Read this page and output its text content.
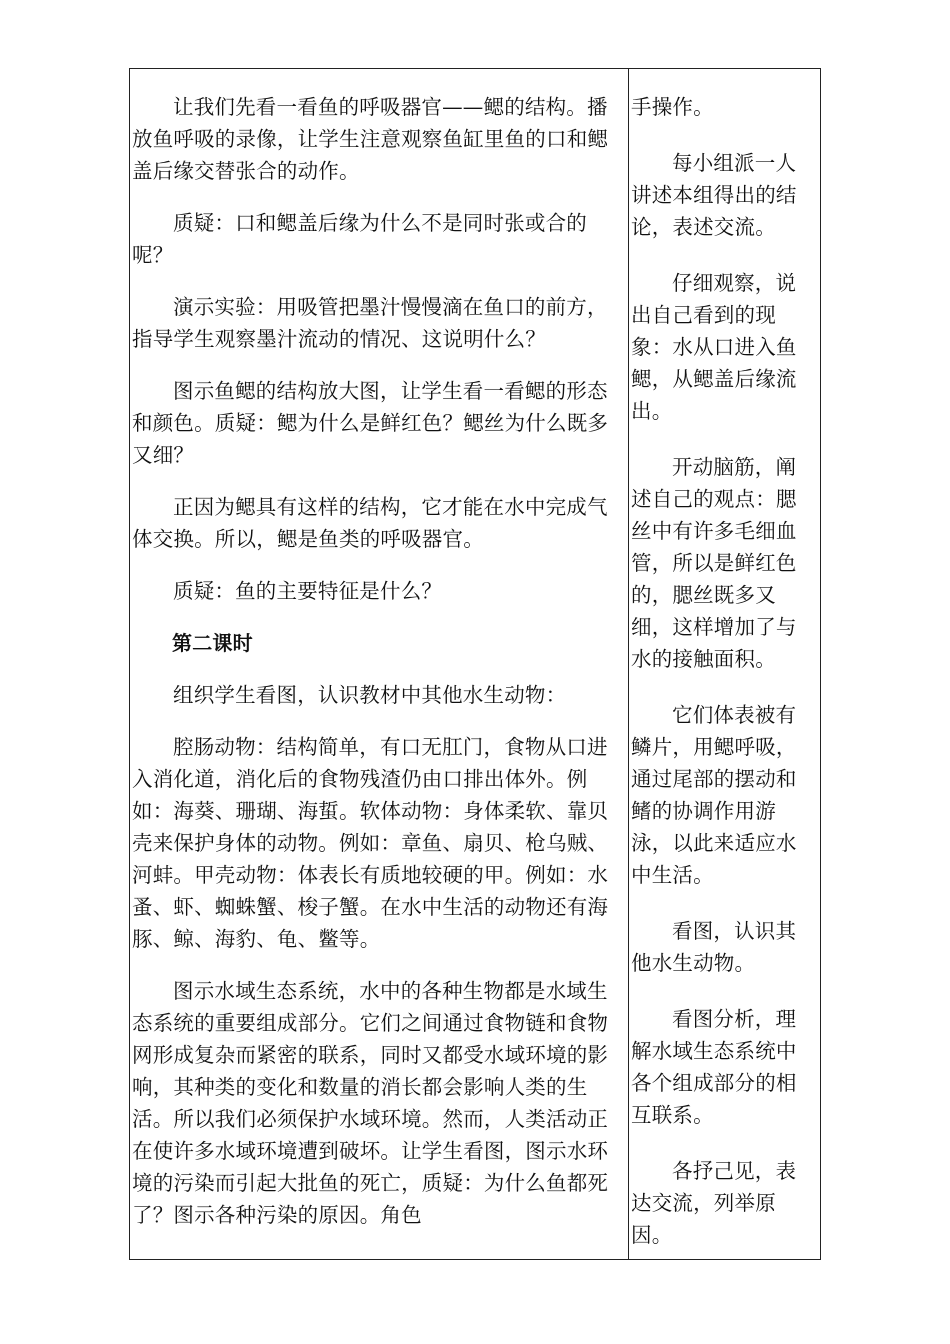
让我们先看一看鱼的呼吸器官——鳃的结构。播放鱼呼吸的录像，让学生注意观察鱼缸里鱼的口和鳃盖后缘交替张合的动作。

质疑：口和鳃盖后缘为什么不是同时张或合的呢？

演示实验：用吸管把墨汁慢慢滴在鱼口的前方，指导学生观察墨汁流动的情况、这说明什么？

图示鱼鳃的结构放大图，让学生看一看鳃的形态和颜色。质疑：鳃为什么是鲜红色？鳃丝为什么既多又细？

正因为鳃具有这样的结构，它才能在水中完成气体交换。所以，鳃是鱼类的呼吸器官。

质疑：鱼的主要特征是什么？

第二课时

组织学生看图，认识教材中其他水生动物：

腔肠动物：结构简单，有口无肛门，食物从口进入消化道，消化后的食物残渣仍由口排出体外。例如：海葵、珊瑚、海蜇。软体动物：身体柔软、靠贝壳来保护身体的动物。例如：章鱼、扇贝、枪乌贼、河蚌。甲壳动物：体表长有质地较硬的甲。例如：水蚤、虾、蜘蛛蟹、梭子蟹。在水中生活的动物还有海豚、鲸、海豹、龟、鳖等。

图示水域生态系统，水中的各种生物都是水域生态系统的重要组成部分。它们之间通过食物链和食物网形成复杂而紧密的联系，同时又都受水域环境的影响，其种类的变化和数量的消长都会影响人类的生活。所以我们必须保护水域环境。然而，人类活动正在使许多水域环境遭到破坏。让学生看图，图示水环境的污染而引起大批鱼的死亡，质疑：为什么鱼都死了？图示各种污染的原因。角色

手操作。

每小组派一人讲述本组得出的结论，表述交流。

仔细观察，说出自己看到的现象：水从口进入鱼鳃，从鳃盖后缘流出。

开动脑筋，阐述自己的观点：腮丝中有许多毛细血管，所以是鲜红色的，腮丝既多又细，这样增加了与水的接触面积。

它们体表被有鳞片，用鳃呼吸，通过尾部的摆动和鳍的协调作用游泳，以此来适应水中生活。

看图，认识其他水生动物。

看图分析，理解水域生态系统中各个组成部分的相互联系。

各抒己见，表达交流，列举原因。
